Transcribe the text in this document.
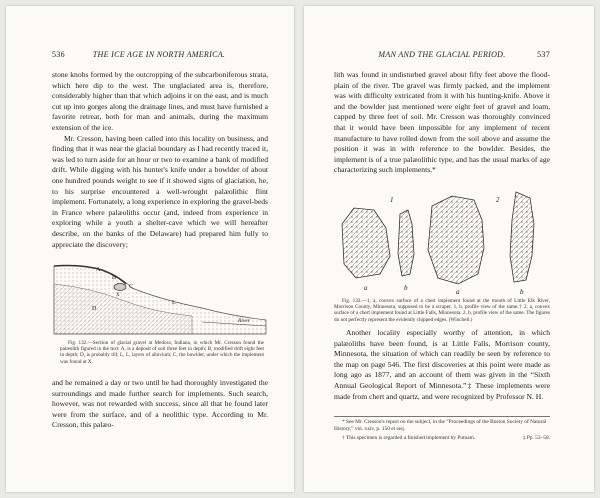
536	THE ICE AGE IN NORTH AMERICA.

stone knobs formed by the outcropping of the subcarboniferous strata, which here dip to the west. The unglaciated area is, therefore, considerably higher than that which adjoins it on the east, and is much cut up into gorges along the drainage lines, and must have furnished a favorite retreat, both for man and animals, during the maximum extension of the ice.

Mr. Cresson, having been called into this locality on business, and finding that it was near the glacial boundary as I had recently traced it, was led to turn aside for an hour or two to examine a bank of modified drift. While digging with his hunter's knife under a bowlder of about one hundred pounds weight to see if it showed signs of glaciation, he, to his surprise encountered a well-wrought palæolithic flint implement. Fortunately, a long experience in exploring the gravel-beds in France where palæoliths occur (and, indeed from experience in exploring while a youth a shelter-cave which we will hereafter describe, on the banks of the Delaware) had prepared him fully to appreciate the discovery;

A
B
C
L
D
X
River

Fig. 132.—Section of glacial gravel at Medora, Indiana, in which Mr. Cresson found the palæolith figured in the text: A, is a deposit of soil three feet in depth; B, modified drift eight feet in depth; D, is probably till; L, L, layers of alluvium; C, the bowlder, under which the implement was found at X.

and he remained a day or two until he had thoroughly investigated the surroundings and made further search for implements. Such search, however, was not rewarded with success, since all that he found later were from the surface, and of a neolithic type. According to Mr. Cresson, this palæo-

MAN AND THE GLACIAL PERIOD.	537

lith was found in undisturbed gravel about fifty feet above the flood-plain of the river. The gravel was firmly packed, and the implement was with difficulty extricated from it with his hunting-knife. Above it and the bowlder just mentioned were eight feet of gravel and loam, capped by three feet of soil. Mr. Cresson was thoroughly convinced that it would have been impossible for any implement of recent manufacture to have rolled down from the soil above and assume the position it was in with reference to the bowlder. Besides, the implement is of a true palæolithic type, and has the usual marks of age characterizing such implements.*

1	2
a	b	a	b

Fig. 133.—1, a, convex surface of a chert implement found at the mouth of Little Elk River, Morrison County, Minnesota, supposed to be a scraper. 1, b, profile view of the same.† 2, a, convex surface of a chert implement found at Little Falls, Minnesota. 2, b, profile view of the same. The figures do not perfectly represent the evidently chipped edges. (Winchell.)

Another locality especially worthy of attention, in which palæoliths have been found, is at Little Falls, Morrison county, Minnesota, the situation of which can readily be seen by reference to the map on page 546. The first discoveries at this point were made as long ago as 1877, and an account of them was given in the “Sixth Annual Geological Report of Minnesota.”‡ These implements were made from chert and quartz, and were recognized by Professor N. H.

* See Mr. Cresson's report on the subject, in the “Proceedings of the Boston Society of Natural History,” vol. xxiv, p. 150 et seq.

† This specimen is regarded a finished implement by Putnam.	‡ Pp. 53–58.
